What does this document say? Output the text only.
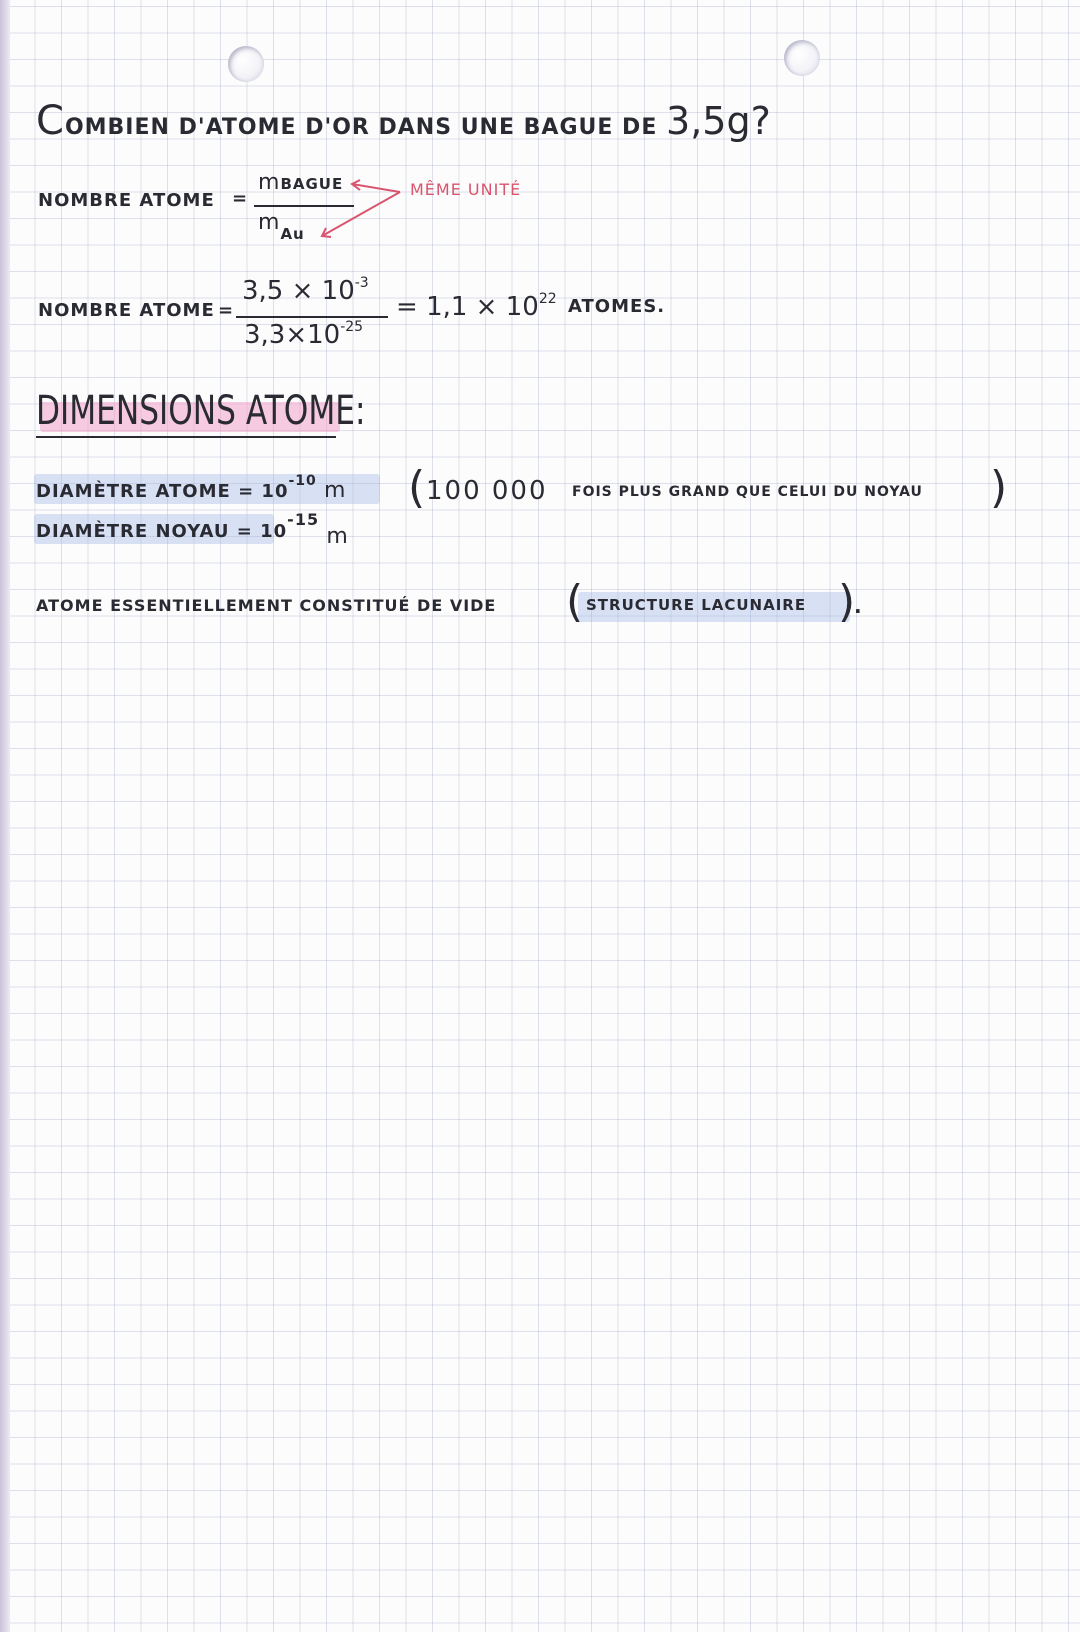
COMBIEN D'ATOME D'OR DANS UNE BAGUE DE 3,5g?
NOMBRE ATOME =
mBAGUE
$m_{Au}$
MÊME UNITÉ
NOMBRE ATOME =
$3,5 \times 10^{-3}$
$3,3\times 10^{-25}$
= $1,1 \times 10^{22}$ ATOMES.
DIMENSIONS ATOME:
DIAMÈTRE ATOME = $10^{-10}$ m
DIAMÈTRE NOYAU = 10-15 m
( 100 000 FOIS PLUS GRAND QUE CELUI DU NOYAU )
ATOME ESSENTIELLEMENT CONSTITUÉ DE VIDE ( STRUCTURE LACUNAIRE )
.
